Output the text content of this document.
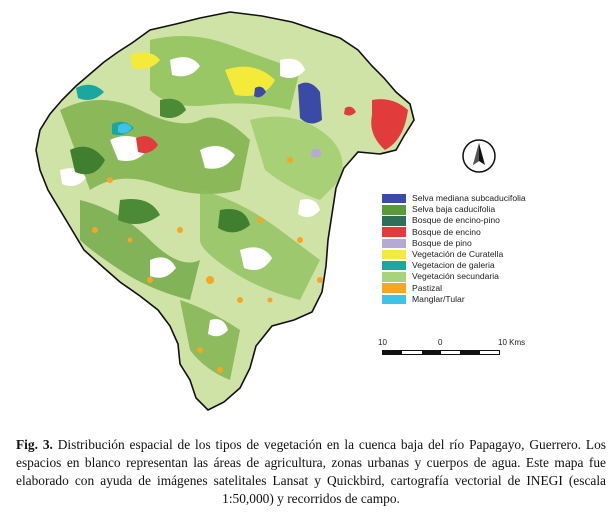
Selva mediana subcaducifolia
Selva baja caducifolia
Bosque de encino-pino
Bosque de encino
Bosque de pino
Vegetación de Curatella
Vegetacion de galeria
Vegetación secundaria
Pastizal
Manglar/Tular
10	0	10 Kms
Fig. 3. Distribución espacial de los tipos de vegetación en la cuenca baja del río Papagayo, Guerrero. Los espacios en blanco representan las áreas de agricultura, zonas urbanas y cuerpos de agua. Este mapa fue elaborado con ayuda de imágenes satelitales Lansat y Quickbird, cartografía vectorial de INEGI (escala 1:50,000) y recorridos de campo.
